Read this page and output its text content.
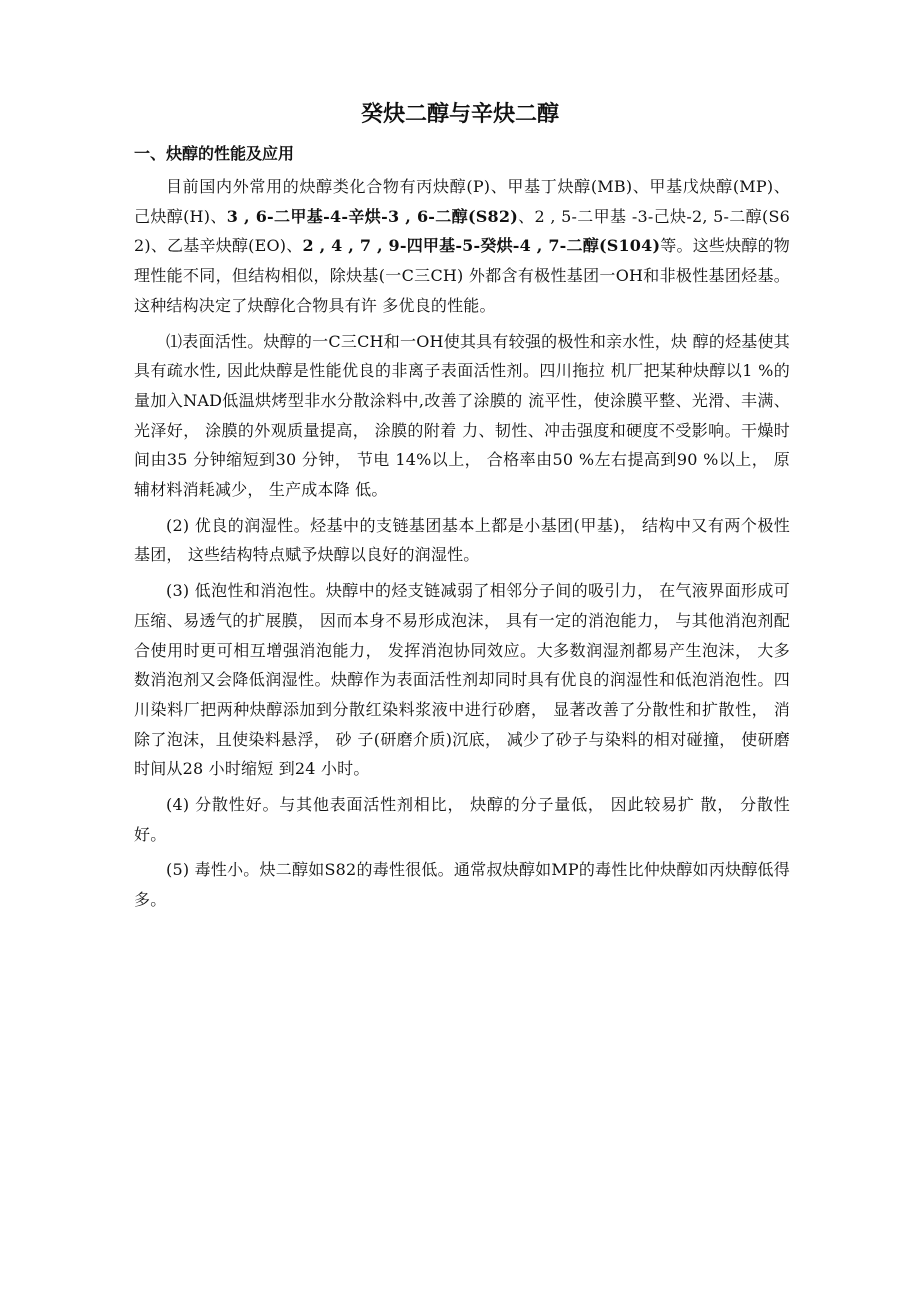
癸炔二醇与辛炔二醇
一、炔醇的性能及应用

目前国内外常用的炔醇类化合物有丙炔醇(P)、甲基丁炔醇(MB)、甲基戊炔醇(MP)、己炔醇(H)、3 , 6-二甲基-4-辛烘-3 , 6-二醇(S82)、2 , 5-二甲基 -3-己炔-2, 5-二醇(S62)、乙基辛炔醇(EO)、2 , 4 , 7 , 9-四甲基-5-癸烘-4 , 7-二醇(S104)等。这些炔醇的物理性能不同，但结构相似，除炔基(一C三CH) 外都含有极性基团一OH和非极性基团烃基。这种结构决定了炔醇化合物具有许 多优良的性能。

⑴表面活性。炔醇的一C三CH和一OH使其具有较强的极性和亲水性，炔 醇的烃基使其具有疏水性, 因此炔醇是性能优良的非离子表面活性剂。四川拖拉 机厂把某种炔醇以1 %的量加入NAD低温烘烤型非水分散涂料中,改善了涂膜的 流平性，使涂膜平整、光滑、丰满、光泽好， 涂膜的外观质量提高， 涂膜的附着 力、韧性、冲击强度和硬度不受影响。干燥时间由35 分钟缩短到30 分钟， 节电 14%以上， 合格率由50 %左右提高到90 %以上， 原辅材料消耗减少， 生产成本降 低。

(2) 优良的润湿性。烃基中的支链基团基本上都是小基团(甲基)， 结构中又有两个极性基团， 这些结构特点赋予炔醇以良好的润湿性。

(3) 低泡性和消泡性。炔醇中的烃支链减弱了相邻分子间的吸引力， 在气液界面形成可压缩、易透气的扩展膜， 因而本身不易形成泡沫， 具有一定的消泡能力， 与其他消泡剂配合使用时更可相互增强消泡能力， 发挥消泡协同效应。大多数润湿剂都易产生泡沫， 大多数消泡剂又会降低润湿性。炔醇作为表面活性剂却同时具有优良的润湿性和低泡消泡性。四川染料厂把两种炔醇添加到分散红染料浆液中进行砂磨， 显著改善了分散性和扩散性， 消除了泡沫，且使染料悬浮， 砂 子(研磨介质)沉底， 减少了砂子与染料的相对碰撞， 使研磨时间从28 小时缩短 到24 小时。

(4) 分散性好。与其他表面活性剂相比， 炔醇的分子量低， 因此较易扩 散， 分散性好。

(5) 毒性小。炔二醇如S82的毒性很低。通常叔炔醇如MP的毒性比仲炔醇如丙炔醇低得多。
